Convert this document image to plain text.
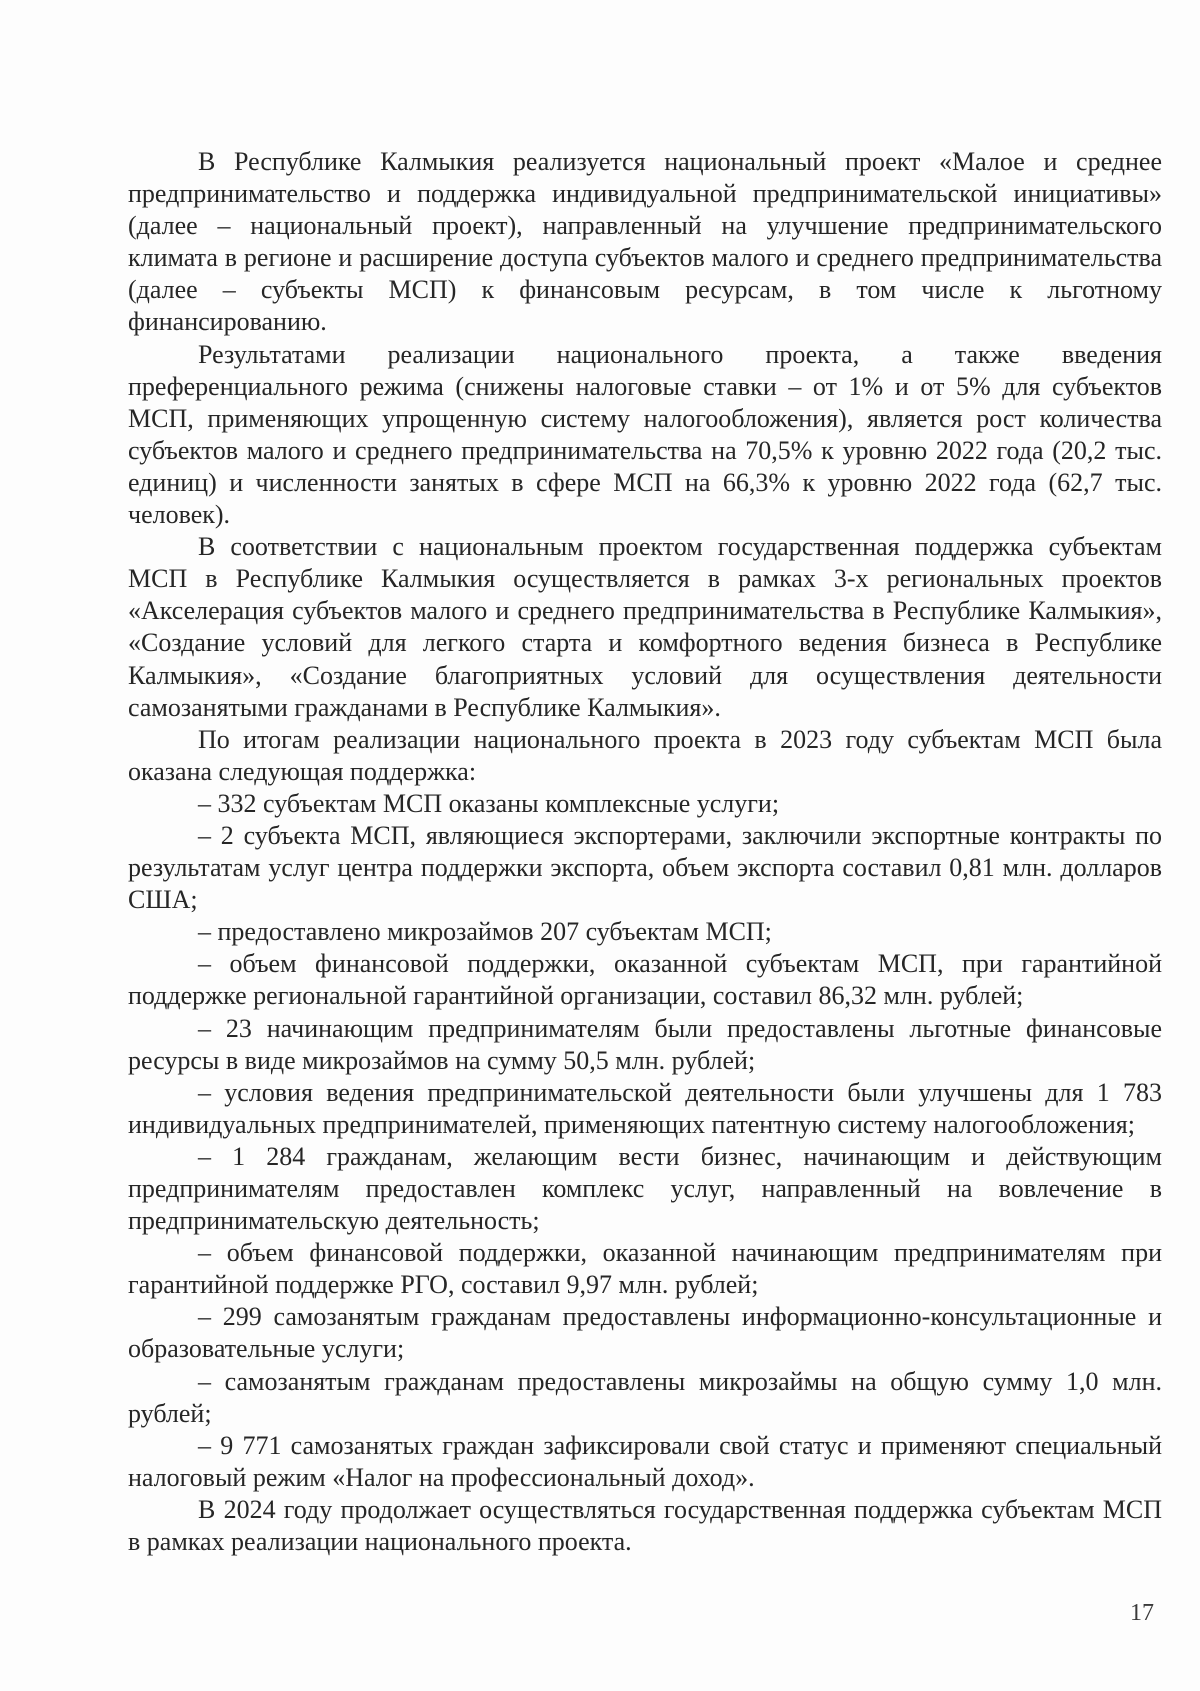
В Республике Калмыкия реализуется национальный проект «Малое и среднее предпринимательство и поддержка индивидуальной предпринимательской инициативы» (далее – национальный проект), направленный на улучшение предпринимательского климата в регионе и расширение доступа субъектов малого и среднего предпринимательства (далее – субъекты МСП) к финансовым ресурсам, в том числе к льготному финансированию.

Результатами реализации национального проекта, а также введения преференциального режима (снижены налоговые ставки – от 1% и от 5% для субъектов МСП, применяющих упрощенную систему налогообложения), является рост количества субъектов малого и среднего предпринимательства на 70,5% к уровню 2022 года (20,2 тыс. единиц) и численности занятых в сфере МСП на 66,3% к уровню 2022 года (62,7 тыс. человек).

В соответствии с национальным проектом государственная поддержка субъектам МСП в Республике Калмыкия осуществляется в рамках 3-х региональных проектов «Акселерация субъектов малого и среднего предпринимательства в Республике Калмыкия», «Создание условий для легкого старта и комфортного ведения бизнеса в Республике Калмыкия», «Создание благоприятных условий для осуществления деятельности самозанятыми гражданами в Республике Калмыкия».

По итогам реализации национального проекта в 2023 году субъектам МСП была оказана следующая поддержка:

– 332 субъектам МСП оказаны комплексные услуги;

– 2 субъекта МСП, являющиеся экспортерами, заключили экспортные контракты по результатам услуг центра поддержки экспорта, объем экспорта составил 0,81 млн. долларов США;

– предоставлено микрозаймов 207 субъектам МСП;

– объем финансовой поддержки, оказанной субъектам МСП, при гарантийной поддержке региональной гарантийной организации, составил 86,32 млн. рублей;

– 23 начинающим предпринимателям были предоставлены льготные финансовые ресурсы в виде микрозаймов на сумму 50,5 млн. рублей;

– условия ведения предпринимательской деятельности были улучшены для 1 783 индивидуальных предпринимателей, применяющих патентную систему налогообложения;

– 1 284 гражданам, желающим вести бизнес, начинающим и действующим предпринимателям предоставлен комплекс услуг, направленный на вовлечение в предпринимательскую деятельность;

– объем финансовой поддержки, оказанной начинающим предпринимателям при гарантийной поддержке РГО, составил 9,97 млн. рублей;

– 299 самозанятым гражданам предоставлены информационно-консультационные и образовательные услуги;

– самозанятым гражданам предоставлены микрозаймы на общую сумму 1,0 млн. рублей;

– 9 771 самозанятых граждан зафиксировали свой статус и применяют специальный налоговый режим «Налог на профессиональный доход».

В 2024 году продолжает осуществляться государственная поддержка субъектам МСП в рамках реализации национального проекта.

17
